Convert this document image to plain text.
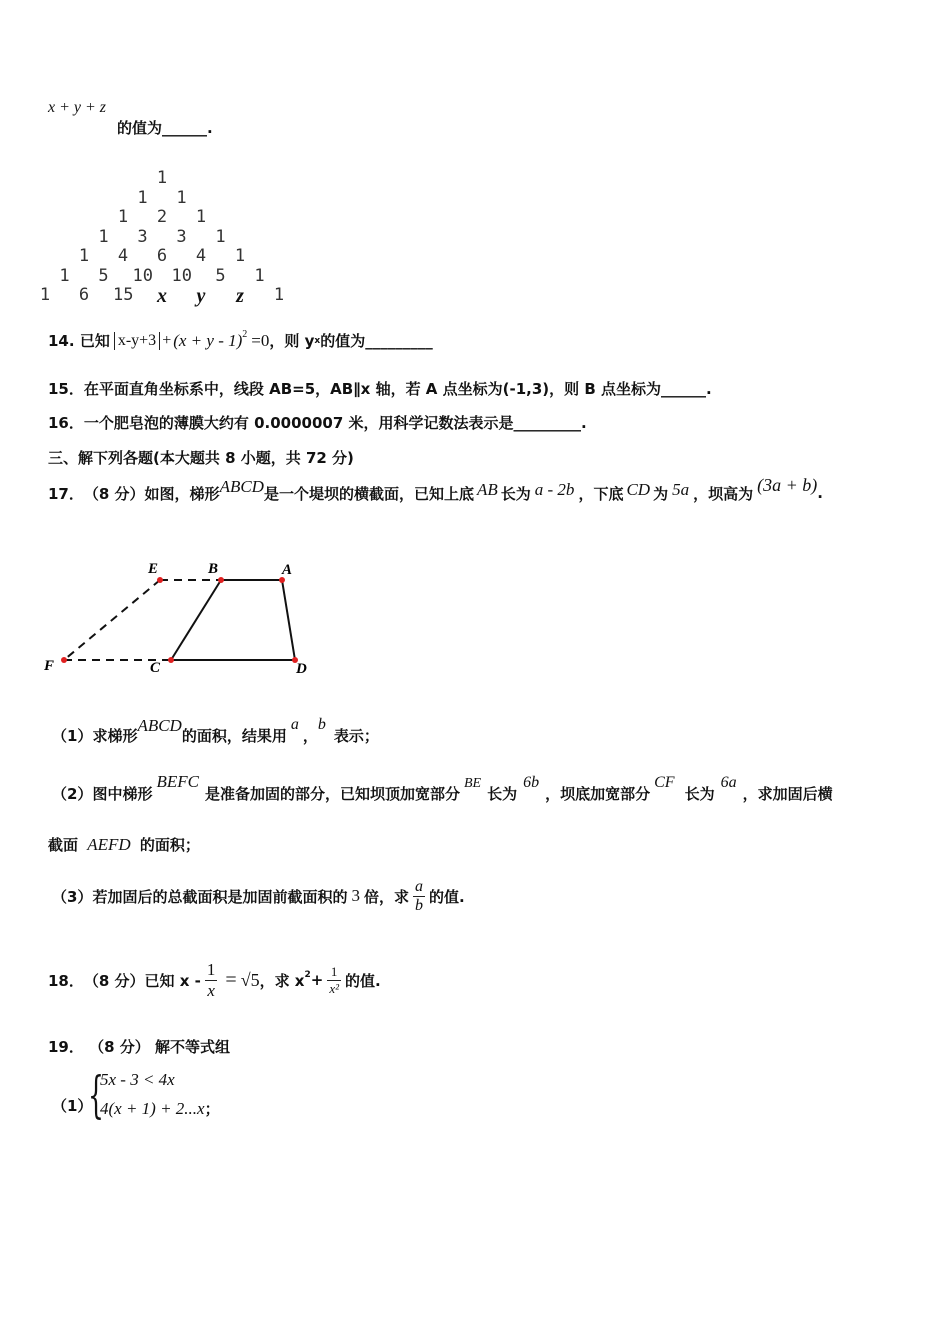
x + y + z
的值为______.
1
1 1
1 2 1
1 3 3 1
1 4 6 4 1
1 5 10 10 5 1
1 6 15 x y	z	1
14.
已知 $x-y+3 + (x + y - 1)^2 =0$ ，则 y x 的值为_________
15．在平面直角坐标系中，线段 AB=5，AB∥x 轴，若 A 点坐标为(-1,3)，则 B 点坐标为______.
16．一个肥皂泡的薄膜大约有 0.0000007 米，用科学记数法表示是_________.
三、解下列各题(本大题共 8 小题，共 72 分)
17． （8 分） 如图，梯形 ABCD 是一个堤坝的横截面，已知上底 AB 长为 a - 2b ，下底 CD 为 5a ，坝高为 (3a + b) .
E	B	A
F	C	D
（1） 求梯形
ABCD
的面积，结果用
a
，
b
表示；
（2） 图中梯形
BEFC
是准备加固的部分，已知坝顶加宽部分
BE
长为
6b
，坝底加宽部分
CF
长为
6a
，求加固后横
截面 AEFD 的面积；
（3） 若加固后的总截面积是加固前截面积的 3 倍，求 $\frac{a}{b}$ 的值.
18． （8 分） 已知 $x - \frac{1}{x} = √5$ ，求 $x^2 + \frac{1}{\text{x²}}$ 的值.
19． （8 分） 解不等式组
（1）
{
5x - 3 < 4x
4(x + 1) + 2...x ；
